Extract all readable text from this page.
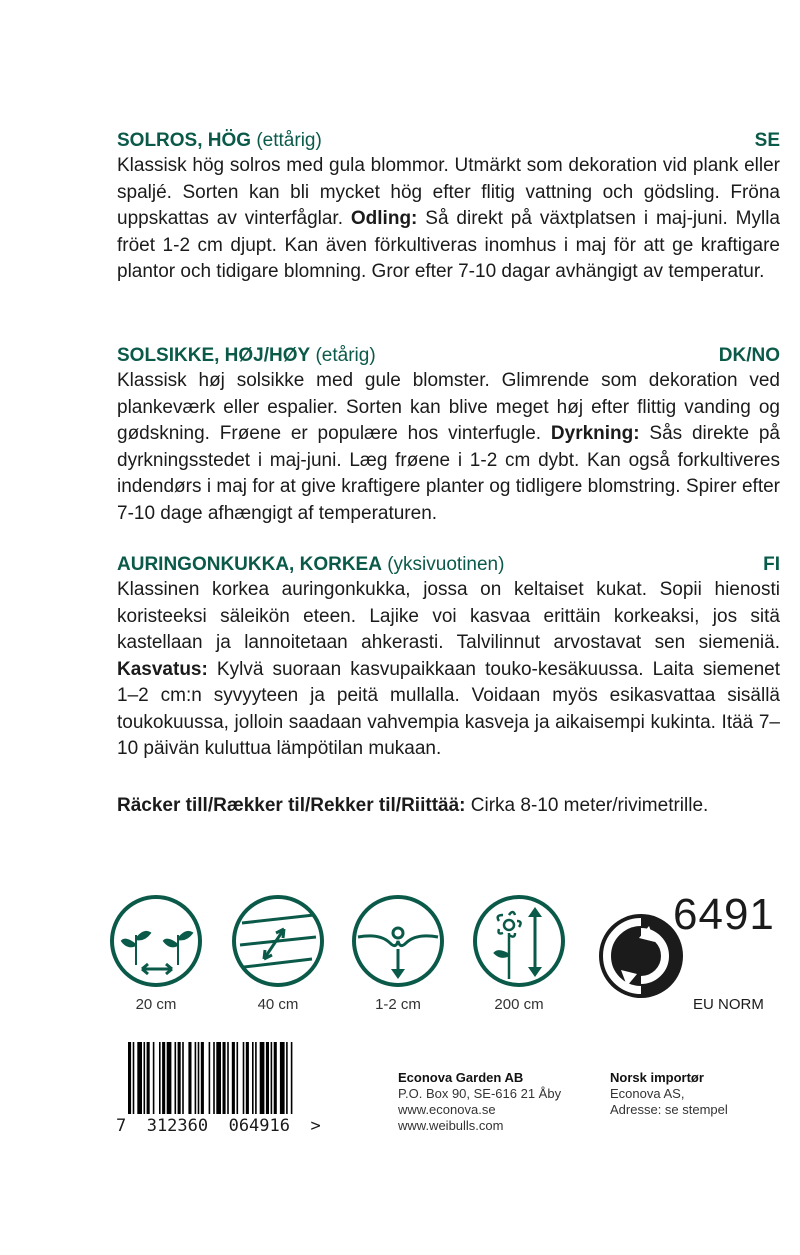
SOLROS, HÖG (ettårig)	SE
Klassisk hög solros med gula blommor. Utmärkt som dekoration vid plank eller spaljé. Sorten kan bli mycket hög efter flitig vattning och gödsling. Fröna uppskattas av vinterfåglar. Odling: Så direkt på växtplatsen i maj-juni. Mylla fröet 1-2 cm djupt. Kan även förkultiveras inomhus i maj för att ge kraftigare plantor och tidigare blomning. Gror efter 7-10 dagar avhängigt av temperatur.
SOLSIKKE, HØJ/HØY (etårig)	DK/NO
Klassisk høj solsikke med gule blomster. Glimrende som dekoration ved plankeværk eller espalier. Sorten kan blive meget høj efter flittig vanding og gødskning. Frøene er populære hos vinterfugle. Dyrkning: Sås direkte på dyrkningsstedet i maj-juni. Læg frøene i 1-2 cm dybt. Kan også forkultiveres indendørs i maj for at give kraftigere planter og tidligere blomstring. Spirer efter 7-10 dage afhængigt af temperaturen.
AURINGONKUKKA, KORKEA (yksivuotinen)	FI
Klassinen korkea auringonkukka, jossa on keltaiset kukat. Sopii hienosti koristeeksi säleikön eteen. Lajike voi kasvaa erittäin korkeaksi, jos sitä kastellaan ja lannoitetaan ahkerasti. Talvilinnut arvostavat sen siemeniä. Kasvatus: Kylvä suoraan kasvupaikkaan touko-kesäkuussa. Laita siemenet 1–2 cm:n syvyyteen ja peitä mullalla. Voidaan myös esikasvattaa sisällä toukokuussa, jolloin saadaan vahvempia kasveja ja aikaisempi kukinta. Itää 7–10 päivän kuluttua lämpötilan mukaan.
Räcker till/Rækker til/Rekker til/Riittää: Cirka 8-10 meter/rivimetrille.
20 cm	40 cm	1-2 cm	200 cm
6491
EU NORM
7  312360  064916  >
Econova Garden AB
P.O. Box 90, SE-616 21 Åby
www.econova.se
www.weibulls.com
Norsk importør
Econova AS,
Adresse: se stempel
